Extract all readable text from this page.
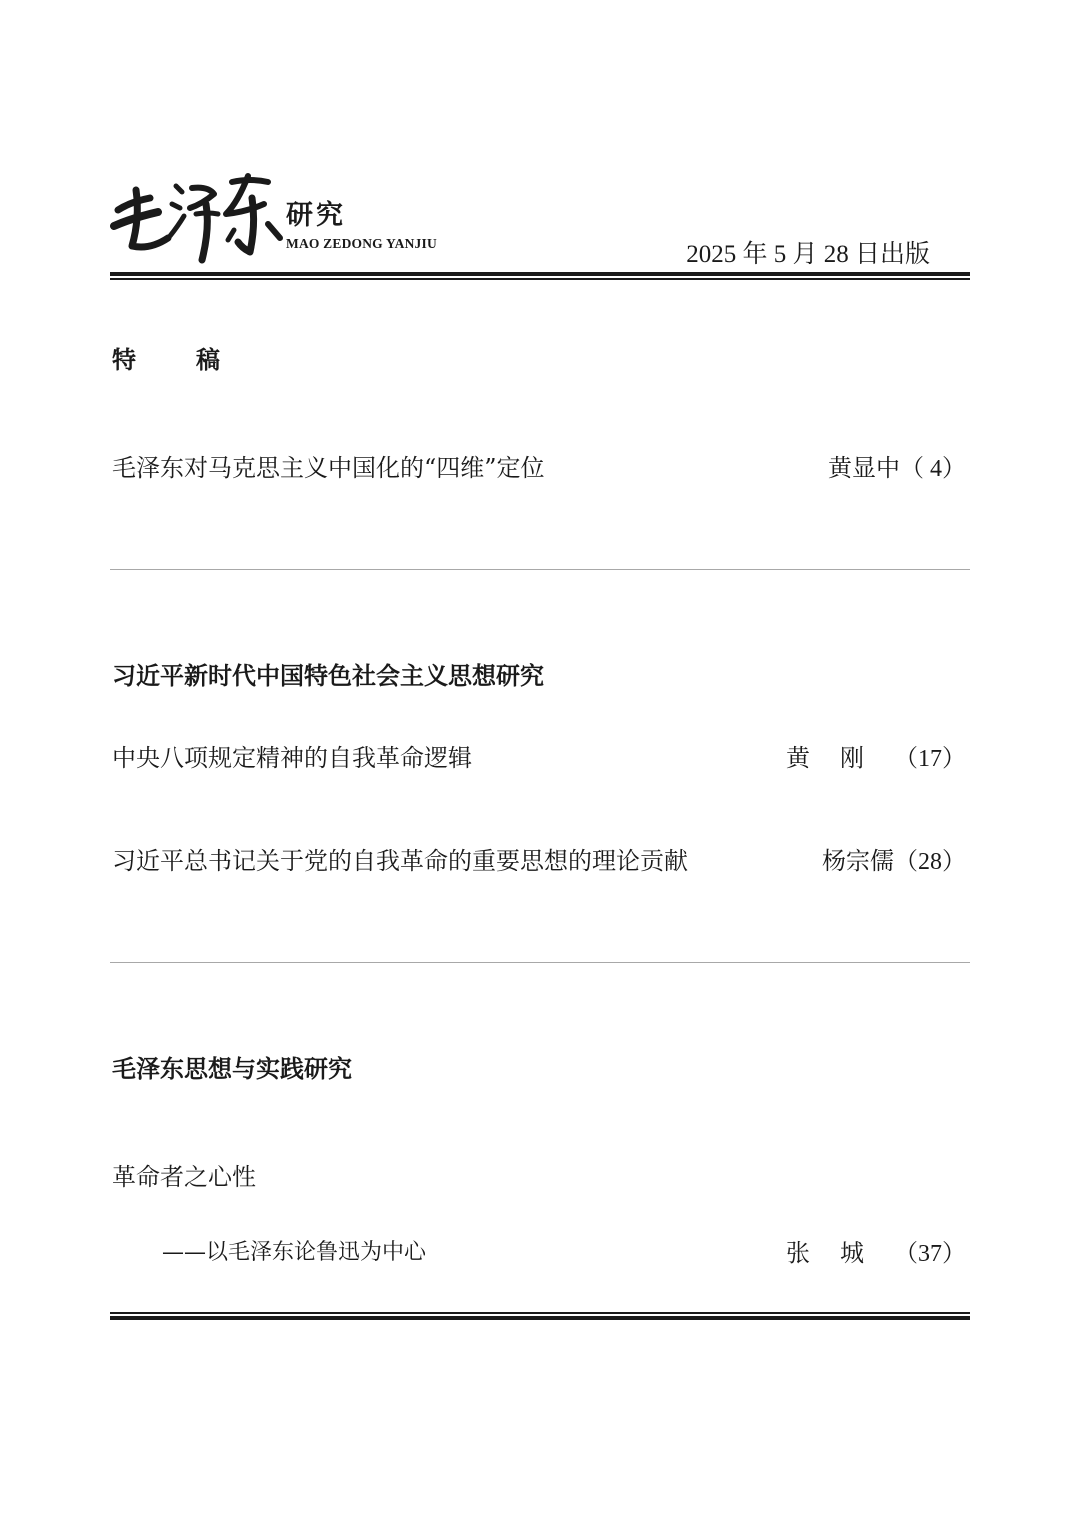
研究
MAO ZEDONG YANJIU	2025 年 5 月 28 日出版
特稿
毛泽东对马克思主义中国化的“四维”定位	黄显中（ 4）
习近平新时代中国特色社会主义思想研究
中央八项规定精神的自我革命逻辑	黄刚（17）
习近平总书记关于党的自我革命的重要思想的理论贡献	杨宗儒（28）
毛泽东思想与实践研究
革命者之心性
——以毛泽东论鲁迅为中心	张城（37）
